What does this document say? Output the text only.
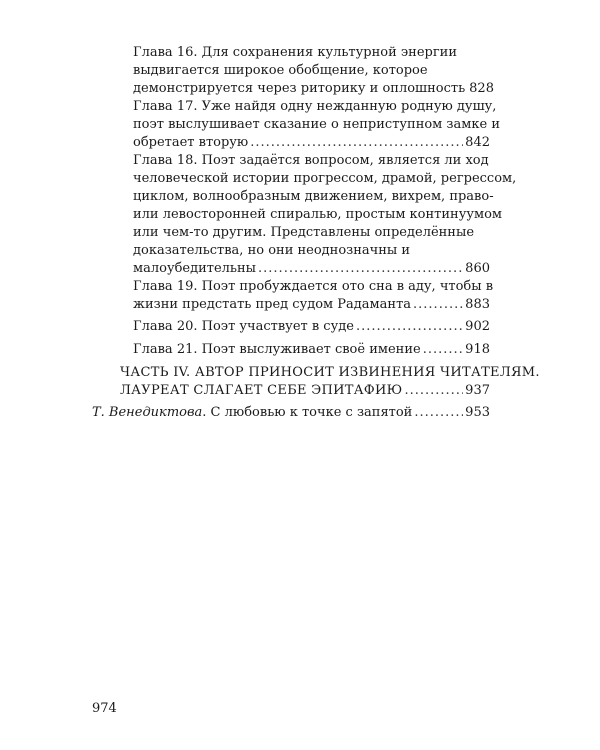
Глава 16. Для сохранения культурной энергии
выдвигается широкое обобщение, которое
демонстрируется через риторику и оплошность 828
Глава 17. Уже найдя одну нежданную родную душу,
поэт выслушивает сказание о неприступном замке и
обретает вторую .....	842
Глава 18. Поэт задаётся вопросом, является ли ход
человеческой истории прогрессом, драмой, регрессом,
циклом, волнообразным движением, вихрем, право-
или левосторонней спиралью, простым континуумом
или чем-то другим. Представлены определённые
доказательства, но они неоднозначны и
малоубедительны .....	860
Глава 19. Поэт пробуждается ото сна в аду, чтобы в
жизни предстать пред судом Радаманта .....	883
Глава 20. Поэт участвует в суде .....	902
Глава 21. Поэт выслуживает своё имение .....	918
ЧАСТЬ IV. АВТОР ПРИНОСИТ ИЗВИНЕНИЯ ЧИТАТЕЛЯМ.
ЛАУРЕАТ СЛАГАЕТ СЕБЕ ЭПИТАФИЮ .....	937
Т. Венедиктова. С любовью к точке с запятой .....	953
974
